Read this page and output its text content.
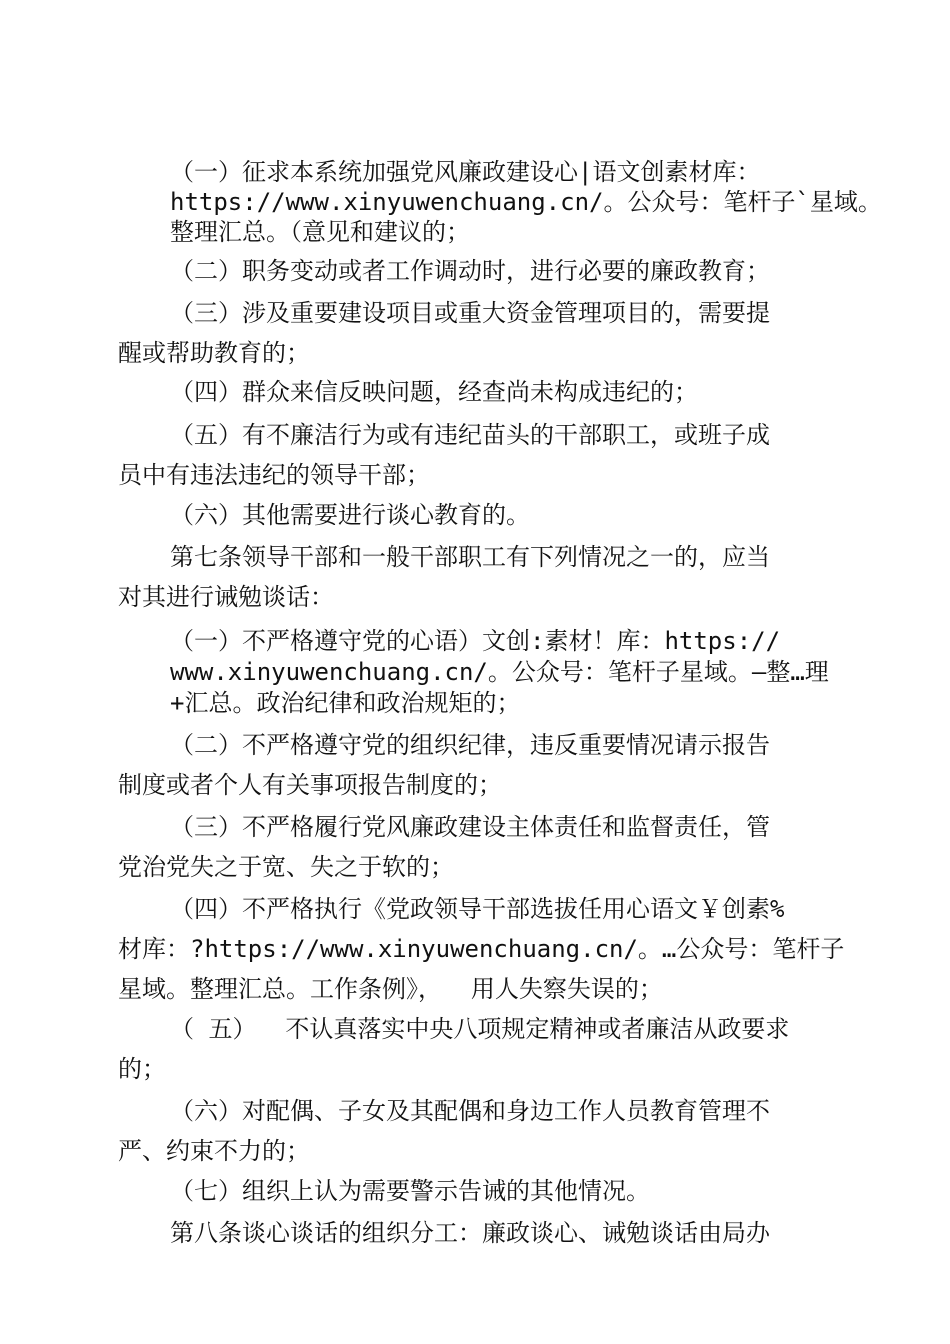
（一）征求本系统加强党风廉政建设心|语文创素材库：

https://www.xinyuwenchuang.cn/。公众号：笔杆子`星域。

整理汇总。（意见和建议的；

（二）职务变动或者工作调动时，进行必要的廉政教育；

（三）涉及重要建设项目或重大资金管理项目的，需要提

醒或帮助教育的；

（四）群众来信反映问题，经查尚未构成违纪的；

（五）有不廉洁行为或有违纪苗头的干部职工，或班子成

员中有违法违纪的领导干部；

（六）其他需要进行谈心教育的。

第七条领导干部和一般干部职工有下列情况之一的，应当

对其进行诫勉谈话：

（一）不严格遵守党的心语）文创:素材！库：https://

www.xinyuwenchuang.cn/。公众号：笔杆子星域。—整…理

+汇总。政治纪律和政治规矩的；

（二）不严格遵守党的组织纪律，违反重要情况请示报告

制度或者个人有关事项报告制度的；

（三）不严格履行党风廉政建设主体责任和监督责任，管

党治党失之于宽、失之于软的；

（四）不严格执行《党政领导干部选拔任用心语文￥创素%

材库：?https://www.xinyuwenchuang.cn/。…公众号：笔杆子

星域。整理汇总。工作条例》，  用人失察失误的；

（ 五）  不认真落实中央八项规定精神或者廉洁从政要求

的；

（六）对配偶、子女及其配偶和身边工作人员教育管理不

严、约束不力的；

（七）组织上认为需要警示告诫的其他情况。

第八条谈心谈话的组织分工：廉政谈心、诫勉谈话由局办
